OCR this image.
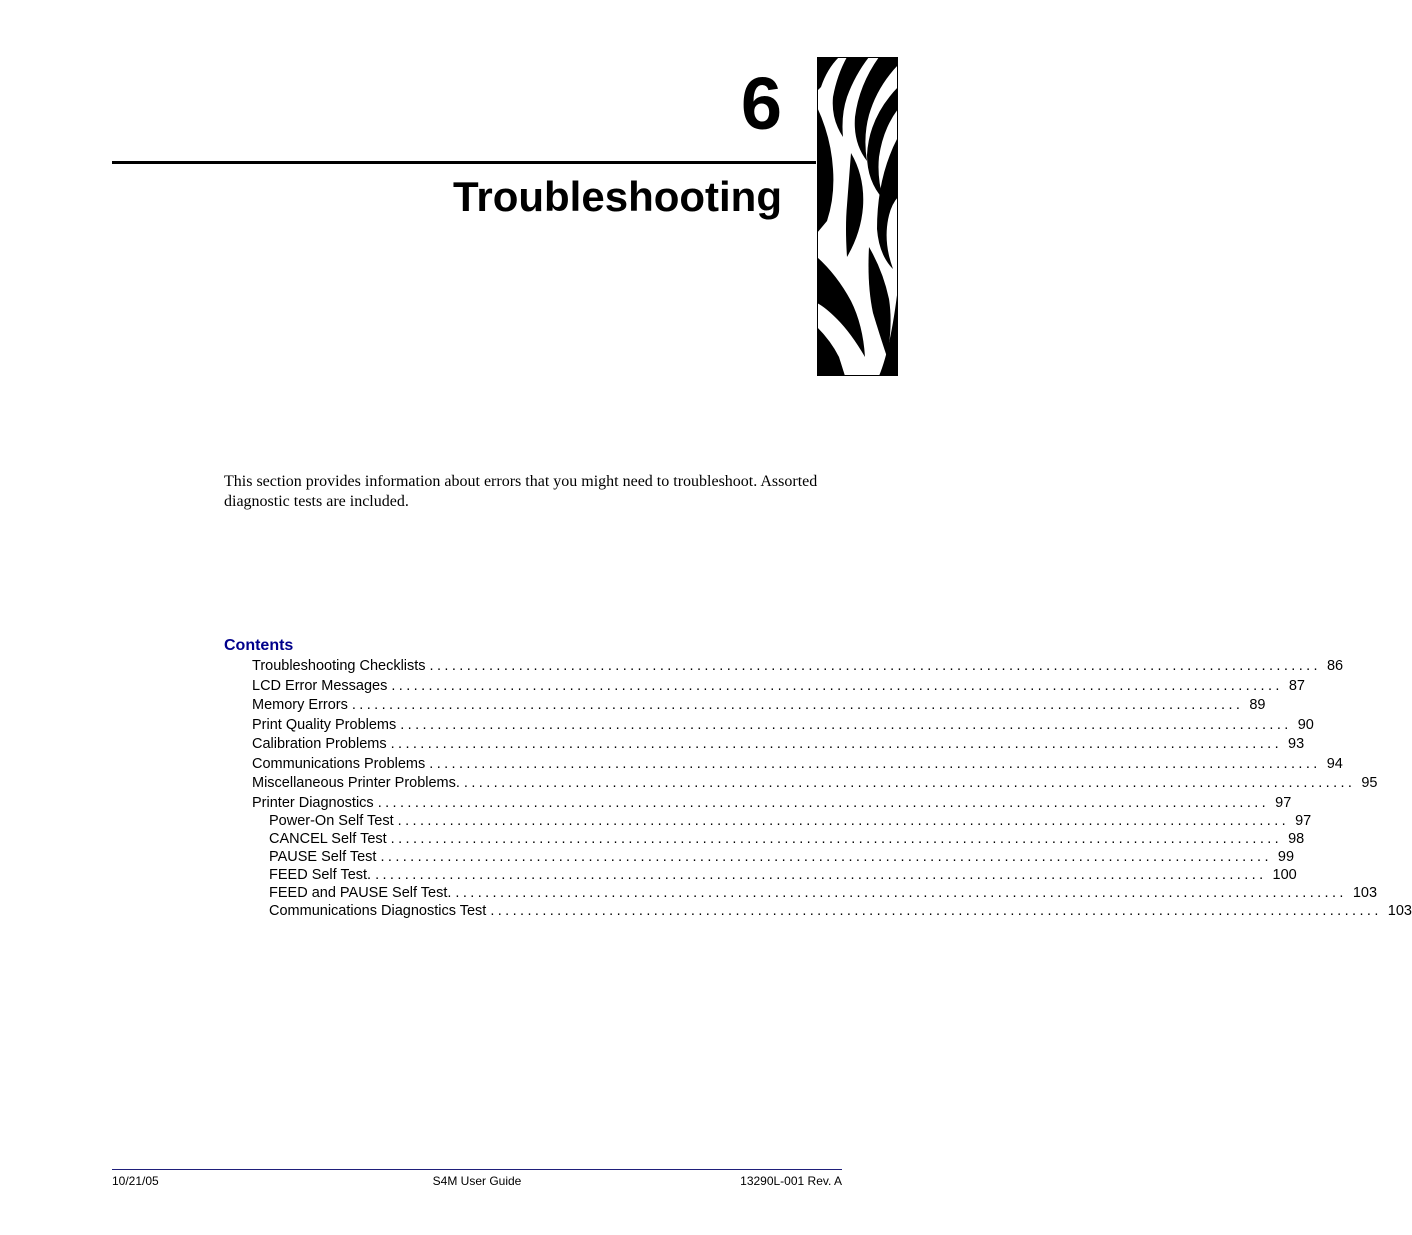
6
Troubleshooting
This section provides information about errors that you might need to troubleshoot. Assorted diagnostic tests are included.
Contents
Troubleshooting Checklists ........................................................................................................................ 86
LCD Error Messages ........................................................................................................................ 87
Memory Errors ........................................................................................................................ 89
Print Quality Problems ........................................................................................................................ 90
Calibration Problems ........................................................................................................................ 93
Communications Problems ........................................................................................................................ 94
Miscellaneous Printer Problems. ........................................................................................................................ 95
Printer Diagnostics ........................................................................................................................ 97
Power-On Self Test ........................................................................................................................ 97
CANCEL Self Test ........................................................................................................................ 98
PAUSE Self Test ........................................................................................................................ 99
FEED Self Test. ........................................................................................................................ 100
FEED and PAUSE Self Test. ........................................................................................................................ 103
Communications Diagnostics Test ........................................................................................................................ 103
10/21/05	S4M User Guide	13290L-001 Rev. A
